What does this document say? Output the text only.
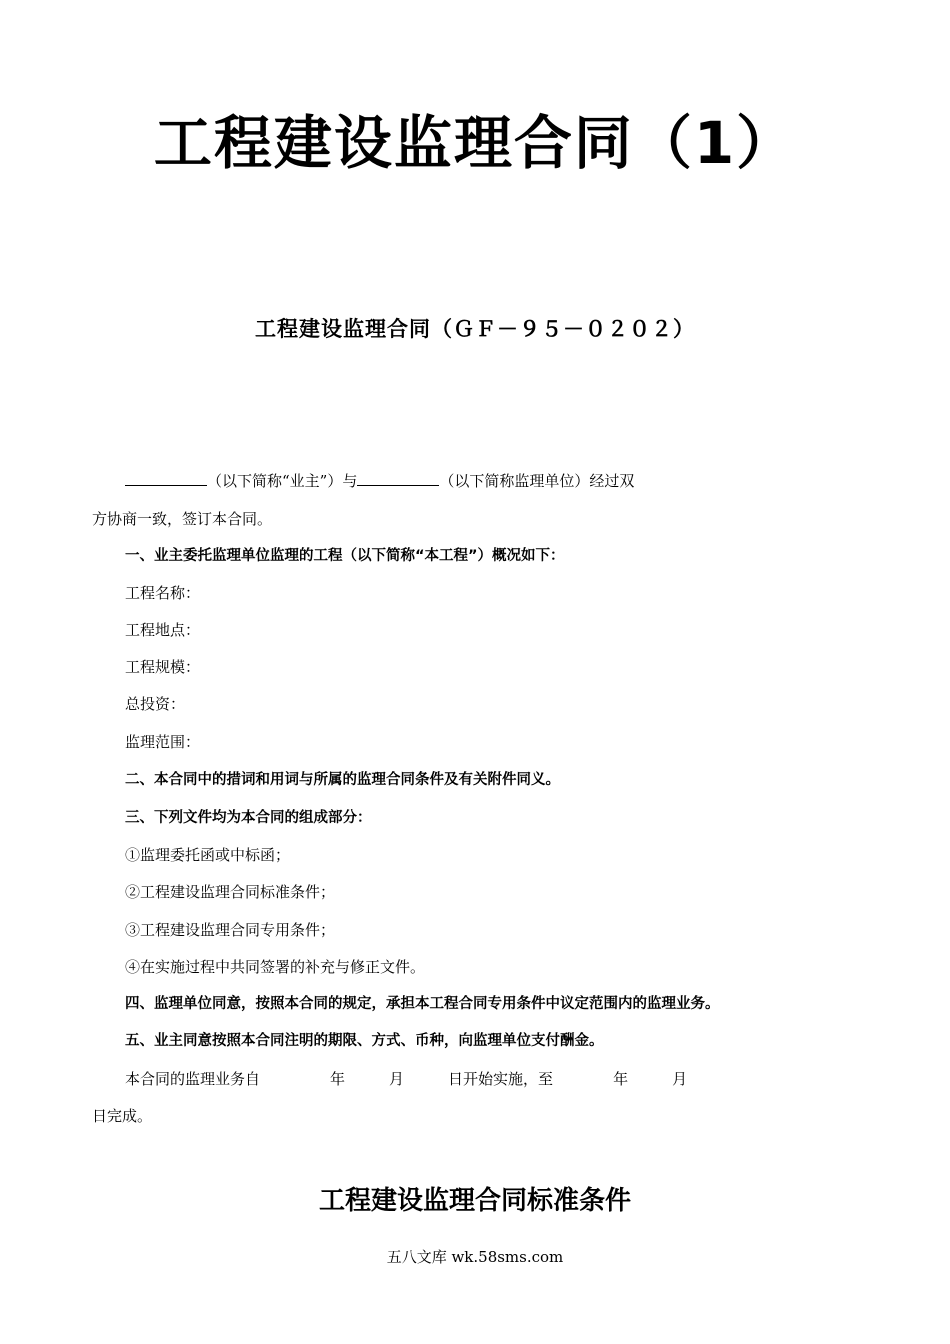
工程建设监理合同（1）
工程建设监理合同（ＧＦ－９５－０２０２）
（以下简称“业主”）与	（以下简称监理单位）经过双
方协商一致，签订本合同。
一、业主委托监理单位监理的工程（以下简称“本工程”）概况如下：
工程名称：
工程地点：
工程规模：
总投资：
监理范围：
二、本合同中的措词和用词与所属的监理合同条件及有关附件同义。
三、下列文件均为本合同的组成部分：
①监理委托函或中标函；
②工程建设监理合同标准条件；
③工程建设监理合同专用条件；
④在实施过程中共同签署的补充与修正文件。
四、监理单位同意，按照本合同的规定，承担本工程合同专用条件中议定范围内的监理业务。
五、业主同意按照本合同注明的期限、方式、币种，向监理单位支付酬金。
本合同的监理业务自	年	月	日开始实施，至	年	月
日完成。
工程建设监理合同标准条件
五八文库 wk.58sms.com
